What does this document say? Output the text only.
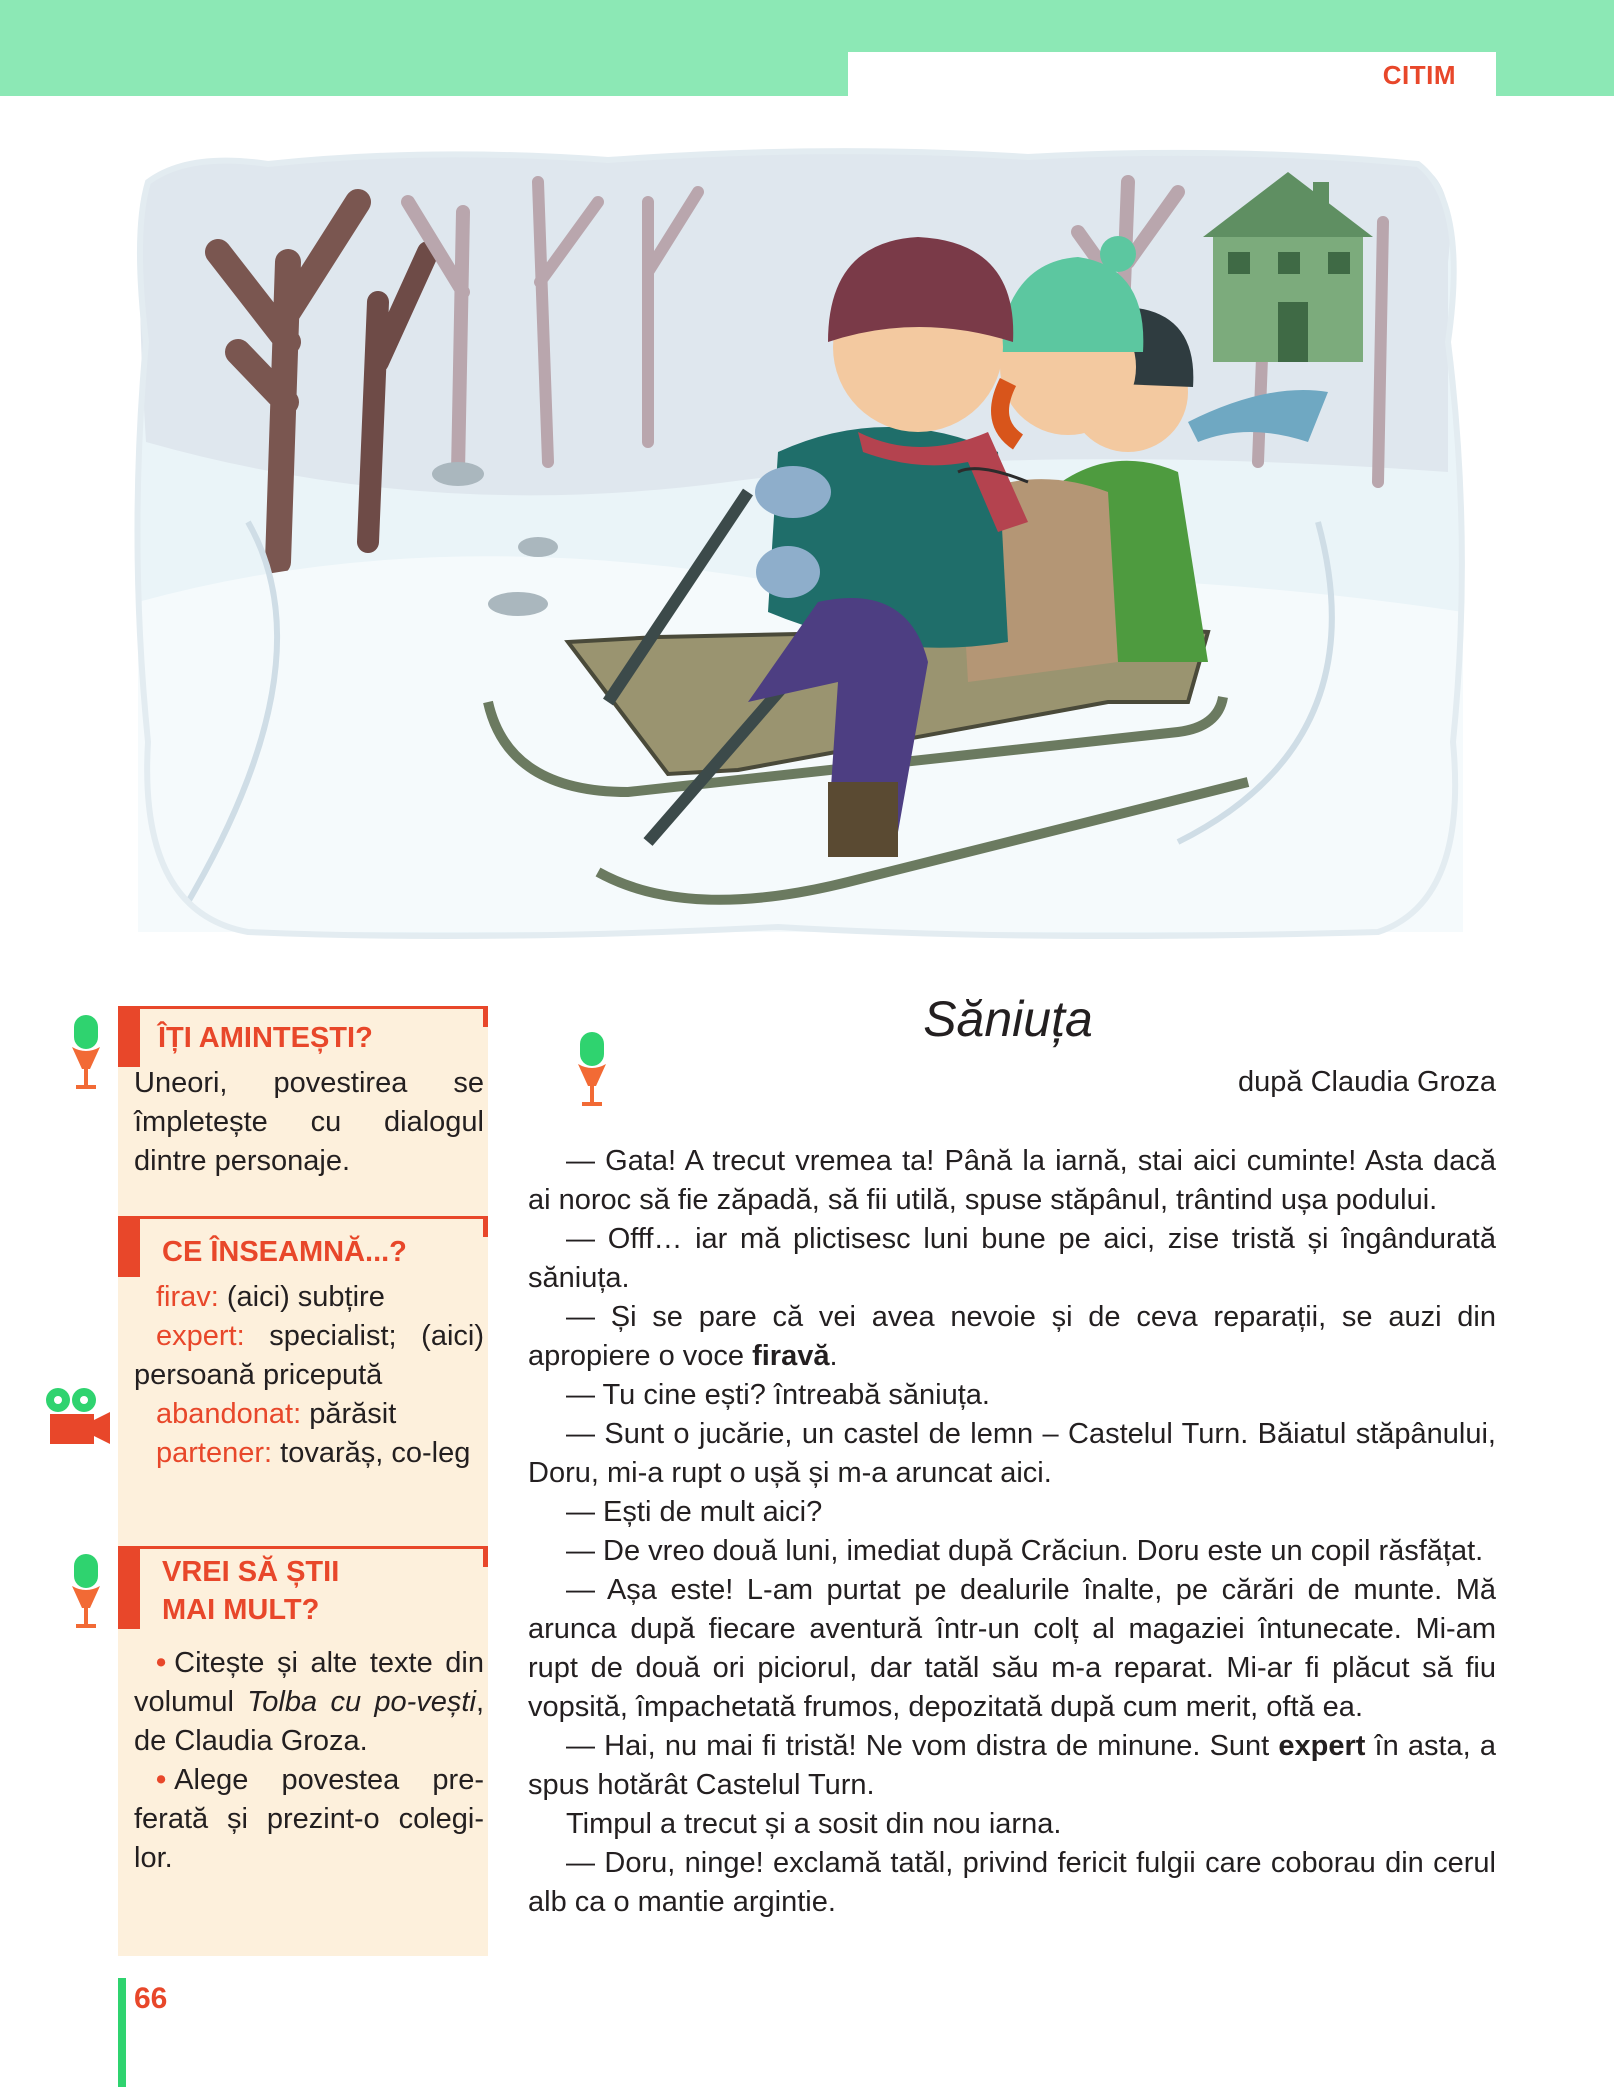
CITIM
ÎȚI AMINTEȘTI?
Uneori, povestirea se împletește cu dialogul dintre personaje.
CE ÎNSEAMNĂ...?
firav: (aici) subțire
expert: specialist; (aici) persoană pricepută
abandonat: părăsit
partener: tovarăș, co-leg
VREI SĂ ȘTII
MAI MULT?
• Citește și alte texte din volumul Tolba cu po-vești, de Claudia Groza.
• Alege povestea pre-ferată și prezint-o colegi-lor.
Săniuța
după Claudia Groza

— Gata! A trecut vremea ta! Până la iarnă, stai aici cuminte! Asta dacă ai noroc să fie zăpadă, să fii utilă, spuse stăpânul, trântind ușa podului.

— Offf… iar mă plictisesc luni bune pe aici, zise tristă și îngândurată săniuța.

— Și se pare că vei avea nevoie și de ceva reparații, se auzi din apropiere o voce firavă.

— Tu cine ești? întreabă săniuța.

— Sunt o jucărie, un castel de lemn – Castelul Turn. Băiatul stăpânului, Doru, mi-a rupt o ușă și m-a aruncat aici.

— Ești de mult aici?

— De vreo două luni, imediat după Crăciun. Doru este un copil răsfățat.

— Așa este! L-am purtat pe dealurile înalte, pe cărări de munte. Mă arunca după fiecare aventură într-un colț al magaziei întunecate. Mi-am rupt de două ori piciorul, dar tatăl său m-a reparat. Mi-ar fi plăcut să fiu vopsită, împachetată frumos, depozitată după cum merit, oftă ea.

— Hai, nu mai fi tristă! Ne vom distra de minune. Sunt expert în asta, a spus hotărât Castelul Turn.

Timpul a trecut și a sosit din nou iarna.

— Doru, ninge! exclamă tatăl, privind fericit fulgii care coborau din cerul alb ca o mantie argintie.

66
